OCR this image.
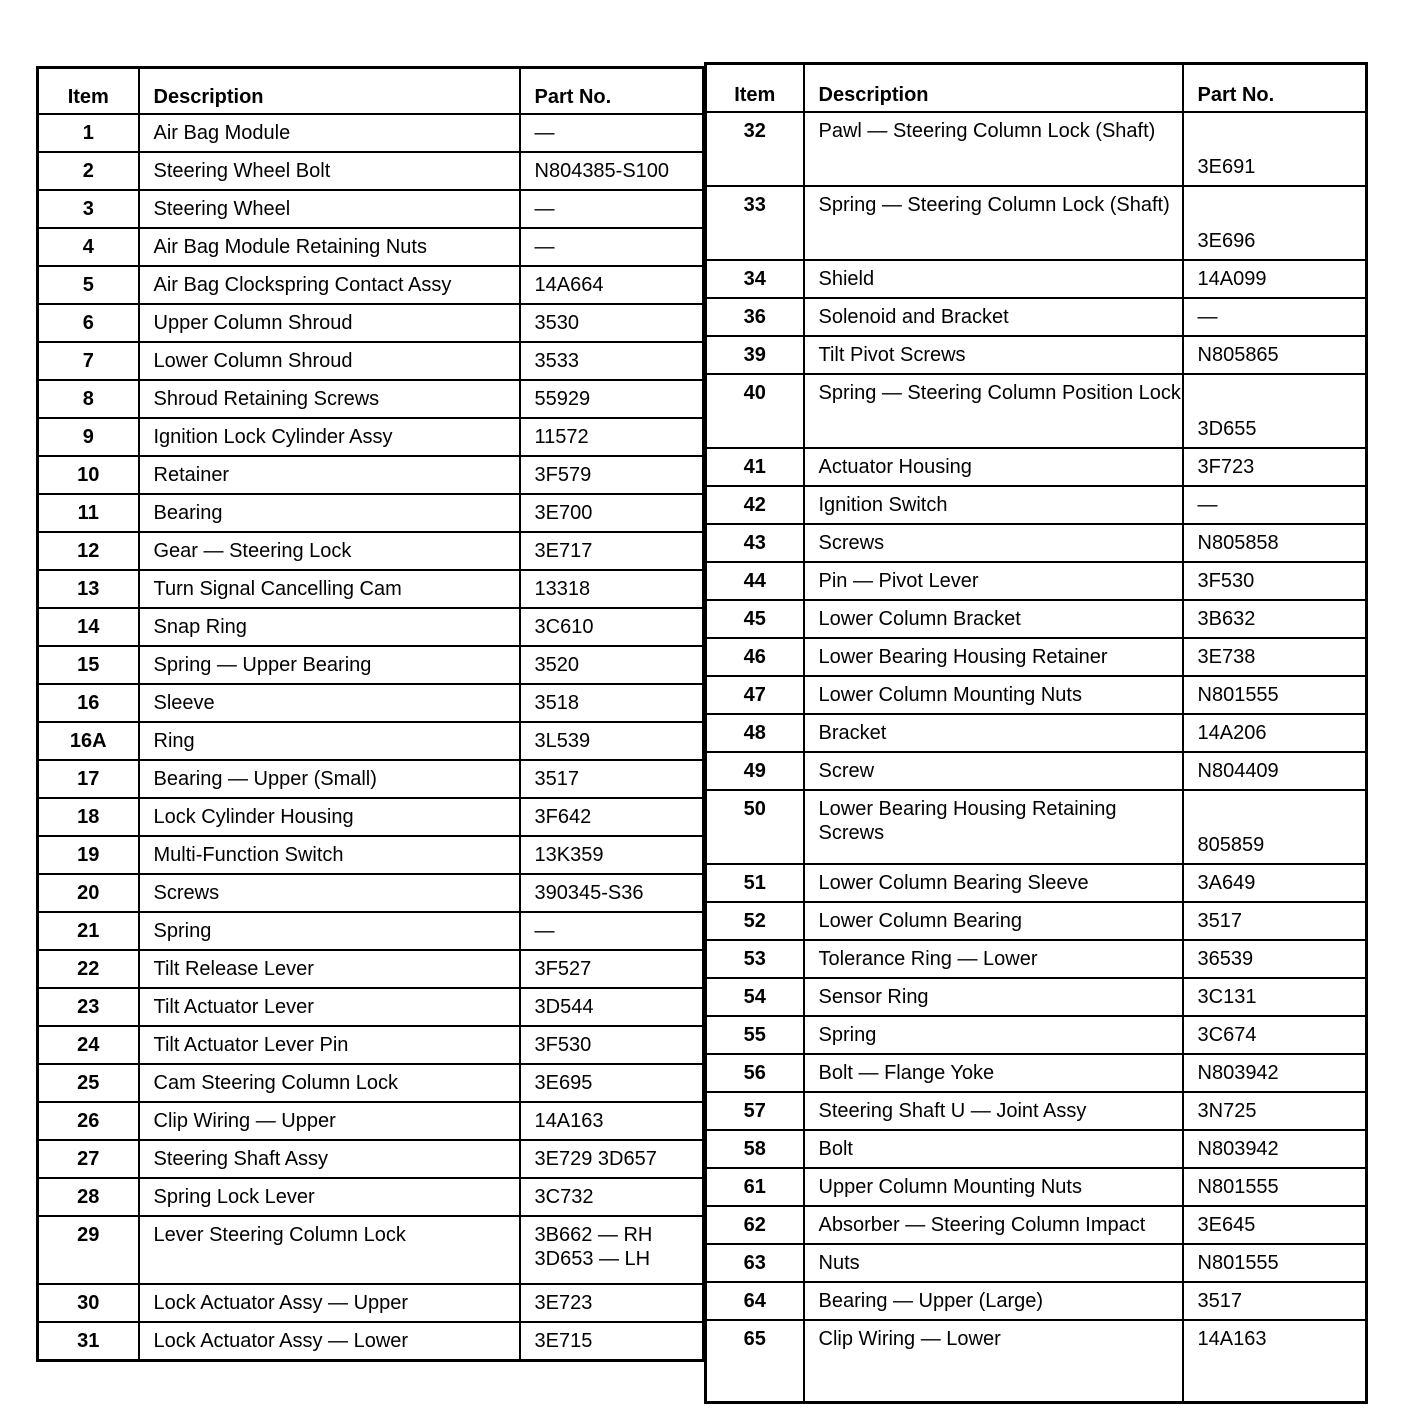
Item	Description	Part No.
1	Air Bag Module	—
2	Steering Wheel Bolt	N804385-S100
3	Steering Wheel	—
4	Air Bag Module Retaining Nuts	—
5	Air Bag Clockspring Contact Assy	14A664
6	Upper Column Shroud	3530
7	Lower Column Shroud	3533
8	Shroud Retaining Screws	55929
9	Ignition Lock Cylinder Assy	11572
10	Retainer	3F579
11	Bearing	3E700
12	Gear — Steering Lock	3E717
13	Turn Signal Cancelling Cam	13318
14	Snap Ring	3C610
15	Spring — Upper Bearing	3520
16	Sleeve	3518
16A	Ring	3L539
17	Bearing — Upper (Small)	3517
18	Lock Cylinder Housing	3F642
19	Multi-Function Switch	13K359
20	Screws	390345-S36
21	Spring	—
22	Tilt Release Lever	3F527
23	Tilt Actuator Lever	3D544
24	Tilt Actuator Lever Pin	3F530
25	Cam Steering Column Lock	3E695
26	Clip Wiring — Upper	14A163
27	Steering Shaft Assy	3E729 3D657
28	Spring Lock Lever	3C732
29	Lever Steering Column Lock	3B662 — RH
3D653 — LH
30	Lock Actuator Assy — Upper	3E723
31	Lock Actuator Assy — Lower	3E715
Item	Description	Part No.
32	Pawl — Steering Column Lock (Shaft)	3E691
33	Spring — Steering Column Lock (Shaft)	3E696
34	Shield	14A099
36	Solenoid and Bracket	—
39	Tilt Pivot Screws	N805865
40	Spring — Steering Column Position Lock	3D655
41	Actuator Housing	3F723
42	Ignition Switch	—
43	Screws	N805858
44	Pin — Pivot Lever	3F530
45	Lower Column Bracket	3B632
46	Lower Bearing Housing Retainer	3E738
47	Lower Column Mounting Nuts	N801555
48	Bracket	14A206
49	Screw	N804409
50	Lower Bearing Housing Retaining Screws	805859
51	Lower Column Bearing Sleeve	3A649
52	Lower Column Bearing	3517
53	Tolerance Ring — Lower	36539
54	Sensor Ring	3C131
55	Spring	3C674
56	Bolt — Flange Yoke	N803942
57	Steering Shaft U — Joint Assy	3N725
58	Bolt	N803942
61	Upper Column Mounting Nuts	N801555
62	Absorber — Steering Column Impact	3E645
63	Nuts	N801555
64	Bearing — Upper (Large)	3517
65	Clip Wiring — Lower	14A163
